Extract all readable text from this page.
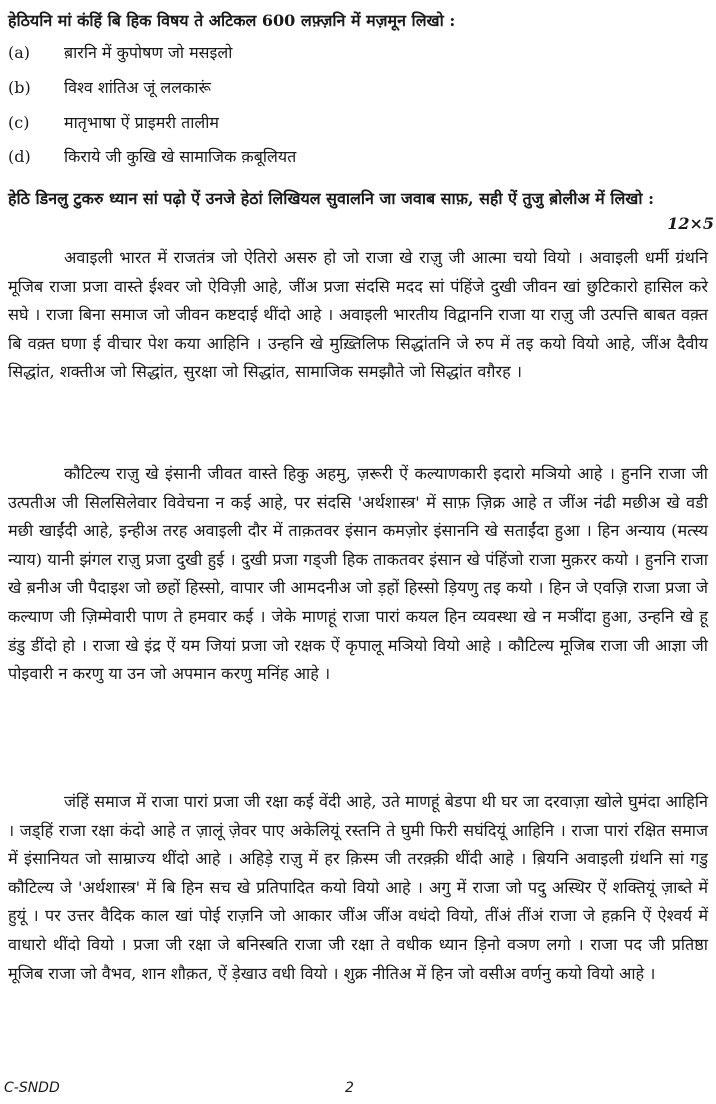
हेठियनि मां कंहिं बि हिक विषय ते अटिकल 600 लफ़्ज़नि में मज़मून लिखो :
(a) ब़ारनि में कुपोषण जो मसइलो
(b) विश्व शांतिअ जूं ललकारूं
(c) मातृभाषा ऐं प्राइमरी तालीम
(d) किराये जी कुखि खे सामाजिक क़बूलियत
हेठि डिनलु टुकरु ध्यान सां पढ़ो ऐं उनजे हेठां लिखियल सुवालनि जा जवाब साफ़, सही ऐं तुजु ब़ोलीअ में लिखो :
12×5

अवाइली भारत में राजतंत्र जो ऐतिरो असरु हो जो राजा खे राज़ु जी आत्मा चयो वियो । अवाइली धर्मी ग्रंथनि मूजिब राजा प्रजा वास्ते ईश्वर जो ऐविज़ी आहे, जींअ प्रजा संदसि मदद सां पंहिंजे दुखी जीवन खां छुटिकारो हासिल करे सघे । राजा बिना समाज जो जीवन कष्टदाई थींदो आहे । अवाइली भारतीय विद्वाननि राजा या राज़ु जी उत्पत्ति बाबत वक़्त बि वक़्त घणा ई वीचार पेश कया आहिनि । उन्हनि खे मुख़्तिलिफ सिद्धांतनि जे रुप में तइ कयो वियो आहे, जींअ दैवीय सिद्धांत, शक्तीअ जो सिद्धांत, सुरक्षा जो सिद्धांत, सामाजिक समझौते जो सिद्धांत वग़ैरह ।

कौटिल्य राज़ु खे इंसानी जीवत वास्ते हिकु अहमु, ज़रूरी ऐं कल्याणकारी इदारो मञियो आहे । हुननि राजा जी उत्पतीअ जी सिलसिलेवार विवेचना न कई आहे, पर संदसि 'अर्थशास्त्र' में साफ़ ज़िक्र आहे त जींअ नंढी मछीअ खे वडी मछी खाईंदी आहे, इन्हीअ तरह अवाइली दौर में ताक़तवर इंसान कमज़ोर इंसाननि खे सताईंदा हुआ । हिन अन्याय (मत्स्य न्याय) यानी झंगल राज़ु प्रजा दुखी हुई । दुखी प्रजा गड्जी हिक ताकतवर इंसान खे पंहिंजो राजा मुक़रर कयो । हुननि राजा खे ब़नीअ जी पैदाइश जो छहों हिस्सो, वापार जी आमदनीअ जो ड़हों हिस्सो ड़ियणु तइ कयो । हिन जे एवज़ि राजा प्रजा जे कल्याण जी ज़िम्मेवारी पाण ते हमवार कई । जेके माणहूं राजा पारां कयल हिन व्यवस्था खे न मञींदा हुआ, उन्हनि खे हू डंडु डींदो हो । राजा खे इंद्र ऐं यम जियां प्रजा जो रक्षक ऐं कृपालू मञियो वियो आहे । कौटिल्य मूजिब राजा जी आज्ञा जी पोइवारी न करणु या उन जो अपमान करणु मनिंह आहे ।

जंहिं समाज में राजा पारां प्रजा जी रक्षा कई वेंदी आहे, उते माणहूं बेडपा थी घर जा दरवाज़ा खोले घुमंदा आहिनि । जड्हिं राजा रक्षा कंदो आहे त ज़ालूं ज़ेवर पाए अकेलियूं रस्तनि ते घुमी फिरी सघंदियूं आहिनि । राजा पारां रक्षित समाज में इंसानियत जो साम्राज्य थींदो आहे । अहिड़े राज़ु में हर क़िस्म जी तरक़्क़ी थींदी आहे । ब़ियनि अवाइली ग्रंथनि सां गडु कौटिल्य जे 'अर्थशास्त्र' में बि हिन सच खे प्रतिपादित कयो वियो आहे । अगु में राजा जो पदु अस्थिर ऐं शक्तियूं ज़ाब्ते में हुयूं । पर उत्तर वैदिक काल खां पोई राज़नि जो आकार जींअ जींअ वधंदो वियो, तींअं तींअं राजा जे हक़नि ऐं ऐश्वर्य में वाधारो थींदो वियो । प्रजा जी रक्षा जे बनिस्बति राजा जी रक्षा ते वधीक ध्यान ड़िनो वञण लगो । राजा पद जी प्रतिष्ठा मूजिब राजा जो वैभव, शान शौक़त, ऐं ड़ेखाउ वधी वियो । शुक्र नीतिअ में हिन जो वसीअ वर्णनु कयो वियो आहे ।

C-SNDD	2
